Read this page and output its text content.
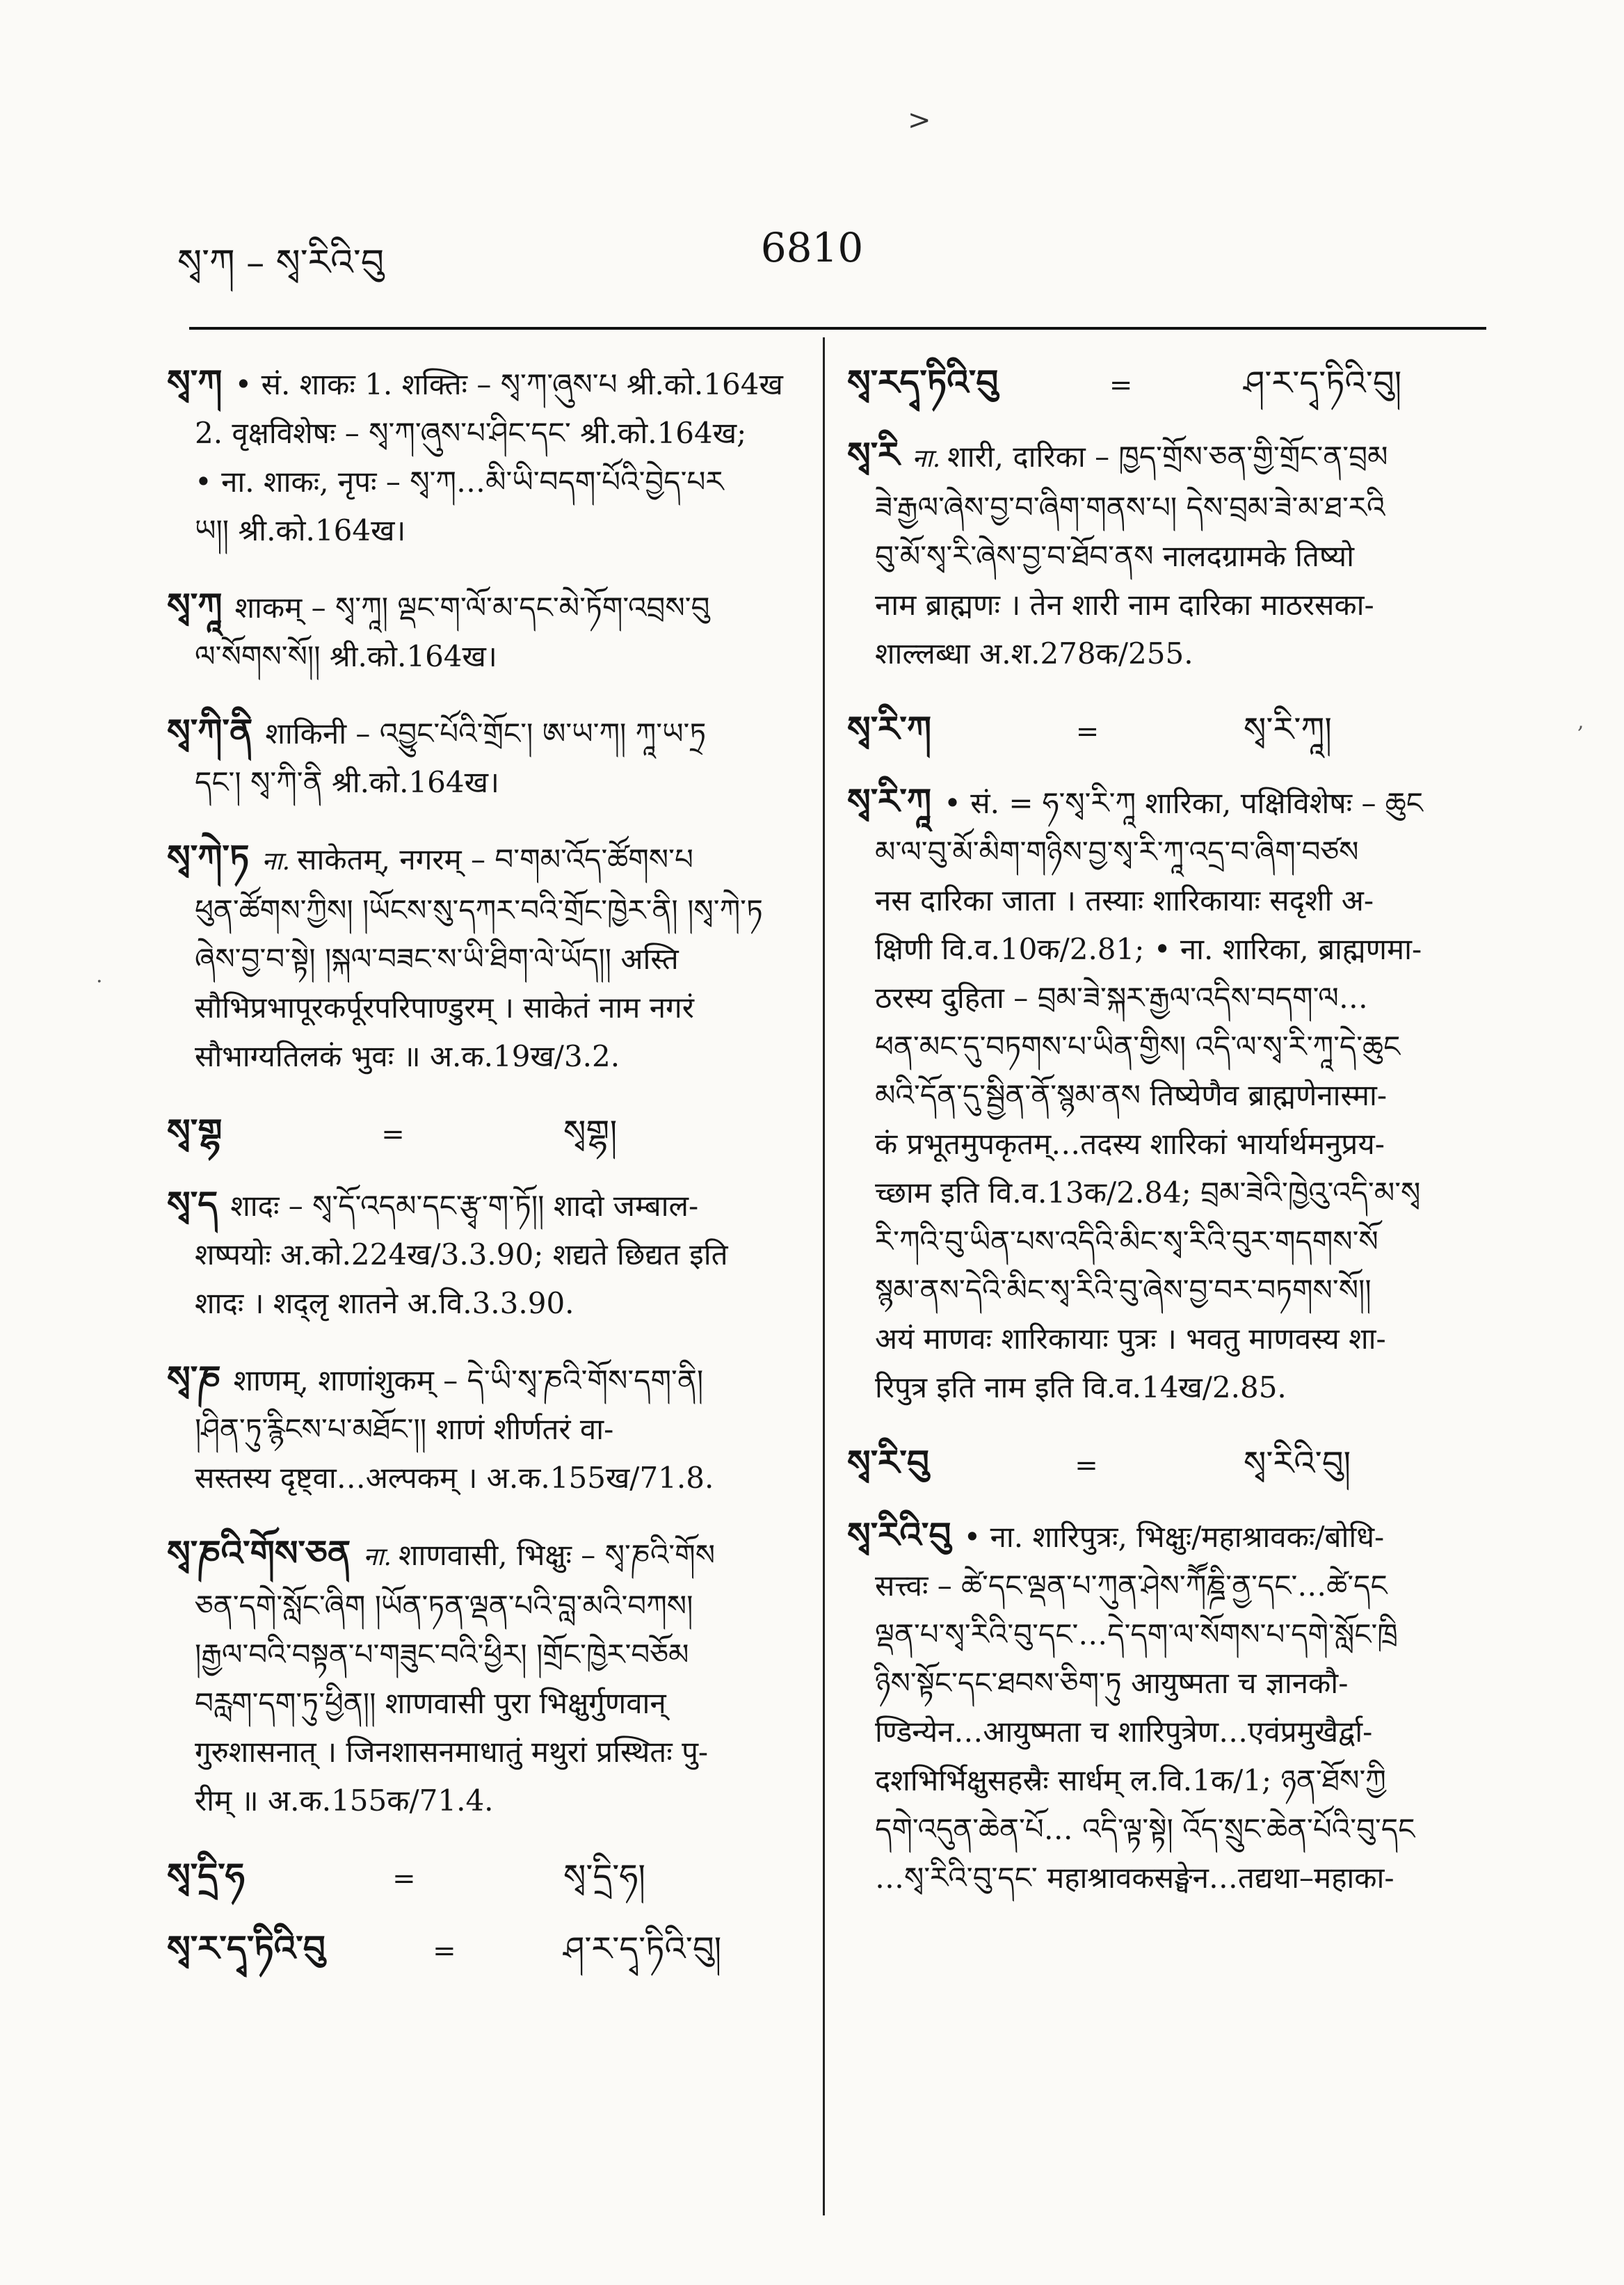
>
སྭ་ཀ – སྭ་རིའི་བུ	6810
,
.
སྭ་ཀ • सं. शाकः 1. शक्तिः – སྭ་ཀ་ཞུས་པ श्री.को.164ख
2. वृक्षविशेषः – སྭ་ཀ་ཞུས་པ་ཤིང་དང་ श्री.को.164ख;
• ना. शाकः, नृपः – སྭ་ཀ…མི་ཡི་བདག་པོའི་བྱེད་པར
ཡ།། श्री.को.164ख।
སྭ་ཀཱ शाकम् – སྭ་ཀཱ། ལྡང་ག་ལོ་མ་དང་མེ་ཏོག་འབྲས་བུ
ལ་སོགས་སོ།། श्री.को.164ख।
སྭ་ཀི་ནི शाकिनी – འབྱུང་པོའི་གྲོང་། ཨ་ཡ་ཀ། ཀཱ་ཡ་ཏྲ
དང་། སྭ་ཀི་ནི श्री.को.164ख।
སྭ་ཀེ་ཏ ना. साकेतम्, नगरम् – བ་གམ་འོད་ཚོགས་པ
ཕུན་ཚོགས་ཀྱིས། །ཡོངས་སུ་དཀར་བའི་གྲོང་ཁྱེར་ནི། །སྭ་ཀེ་ཏ
ཞེས་བྱ་བ་སྟེ། །སྐལ་བཟང་ས་ཡི་ཐིག་ལེ་ཡོད།། अस्ति
सौभिप्रभापूरकर्पूरपरिपाण्डुरम् । साकेतं नाम नगरं
सौभाग्यतिलकं भुवः ॥ अ.क.19ख/3.2.
སྭ་གྷ	=	སྭགྷ།
སྭ་ད शादः – སྭ་དོ་འདམ་དང་རྩྭ་ག་ཏོ།། शादो जम्बाल-
शष्पयोः अ.को.224ख/3.3.90; शद्यते छिद्यत इति
शादः । शद्लृ शातने अ.वि.3.3.90.
སྭ་ཎ शाणम्, शाणांशुकम् – དེ་ཡི་སྭ་ཎའི་གོས་དག་ནི།
།ཤིན་ཏུ་རྙིངས་པ་མཐོང་།། शाणं शीर्णतरं वा-
सस्तस्य दृष्ट्वा…अल्पकम् । अ.क.155ख/71.8.
སྭ་ཎའི་གོས་ཅན ना. शाणवासी, भिक्षुः – སྭ་ཎའི་གོས
ཅན་དགེ་སློང་ཞིག །ཡོན་ཏན་ལྡན་པའི་བླ་མའི་བཀས།
།རྒྱལ་བའི་བསྟན་པ་གཟུང་བའི་ཕྱིར། །གྲོང་ཁྱེར་བཅོམ
བརླག་དག་ཏུ་ཕྱིན།། शाणवासी पुरा भिक्षुर्गुणवान्
गुरुशासनात् । जिनशासनमाधातुं मथुरां प्रस्थितः पु-
रीम् ॥ अ.क.155क/71.4.
སྭ་དྲི་ཧ	=	སྭ་དྲི་ཧ།
སྭ་ར་དྭ་ཏིའི་བུ	=	ཤ་ར་དྭ་ཏིའི་བུ།
སྭ་རདྭ་ཏིའི་བུ	=	ཤ་ར་དྭ་ཏིའི་བུ།
སྭ་རི ना. शारी, दारिका – ཁྱད་གྲོས་ཅན་གྱི་གྲོང་ན་བྲམ
ཟེ་རྒྱལ་ཞེས་བྱ་བ་ཞིག་གནས་པ། དེས་བྲམ་ཟེ་མ་ཐ་རའི
བུ་མོ་སྭ་རི་ཞེས་བྱ་བ་ཐོབ་ནས नालदग्रामके तिष्यो
नाम ब्राह्मणः । तेन शारी नाम दारिका माठरसका-
शाल्लब्धा अ.श.278क/255.
སྭ་རི་ཀ	=	སྭ་རི་ཀཱ།
སྭ་རི་ཀཱ • सं. = ཧ་སྭ་རི་ཀཱ शारिका, पक्षिविशेषः – ཆུང
མ་ལ་བུ་མོ་མིག་གཉིས་བྱ་སྭ་རི་ཀཱ་འདྲ་བ་ཞིག་བཙས
नस दारिका जाता । तस्याः शारिकायाः सदृशी अ-
क्षिणी वि.व.10क/2.81; • ना. शारिका, ब्राह्मणमा-
ठरस्य दुहिता – བྲམ་ཟེ་སྐར་རྒྱལ་འདིས་བདག་ལ…
ཕན་མང་དུ་བཏགས་པ་ཡིན་གྱིས། འདི་ལ་སྭ་རི་ཀཱ་དེ་ཆུང
མའི་དོན་དུ་སྦྱིན་ནོ་སྙམ་ནས तिष्येणैव ब्राह्मणेनास्मा-
कं प्रभूतमुपकृतम्…तदस्य शारिकां भार्यार्थमनुप्रय-
च्छाम इति वि.व.13क/2.84; བྲམ་ཟེའི་ཁྱེའུ་འདི་མ་སྭ
རི་ཀའི་བུ་ཡིན་པས་འདིའི་མིང་སྭ་རིའི་བུར་གདགས་སོ
སྙམ་ནས་དེའི་མིང་སྭ་རིའི་བུ་ཞེས་བྱ་བར་བཏགས་སོ།།
अयं माणवः शारिकायाः पुत्रः । भवतु माणवस्य शा-
रिपुत्र इति नाम इति वि.व.14ख/2.85.
སྭ་རི་བུ	=	སྭ་རིའི་བུ།
སྭ་རིའི་བུ • ना. शारिपुत्रः, भिक्षुः/महाश्रावकः/बोधि-
सत्त्वः – ཚེ་དང་ལྡན་པ་ཀུན་ཤེས་ཀཽཎྜི་ནྱ་དང་…ཚེ་དང
ལྡན་པ་སྭ་རིའི་བུ་དང་…དེ་དག་ལ་སོགས་པ་དགེ་སློང་ཁྲི
ཉིས་སྟོང་དང་ཐབས་ཅིག་ཏུ आयुष्मता च ज्ञानकौ-
ण्डिन्येन…आयुष्मता च शारिपुत्रेण…एवंप्रमुखैर्द्वा-
दशभिर्भिक्षुसहस्रैः सार्धम् ल.वि.1क/1; ཉན་ཐོས་ཀྱི
དགེ་འདུན་ཆེན་པོ… འདི་ལྟ་སྟེ། འོད་སྲུང་ཆེན་པོའི་བུ་དང
…སྭ་རིའི་བུ་དང་ महाश्रावकसङ्घेन…तद्यथा–महाका-
